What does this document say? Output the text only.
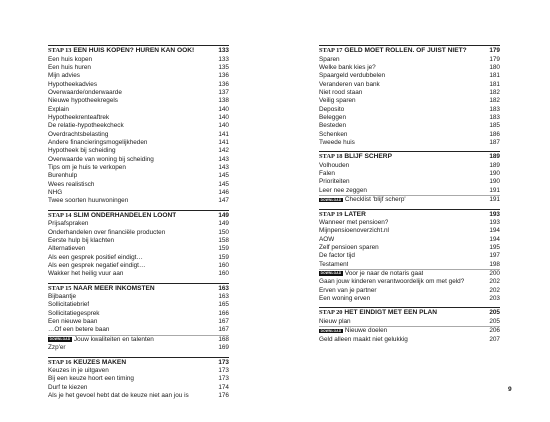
STAP 13 EEN HUIS KOPEN? HUREN KAN OOK!	133
Een huis kopen	133
Een huis huren	135
Mijn advies	136
Hypotheekadvies	136
Overwaarde/onderwaarde	137
Nieuwe hypotheekregels	138
Explain	140
Hypotheekrenteaftrek	140
De relatie-hypotheekcheck	140
Overdrachtsbelasting	141
Andere financieringsmogelijkheden	141
Hypotheek bij scheiding	142
Overwaarde van woning bij scheiding	143
Tips om je huis te verkopen	143
Burenhulp	145
Wees realistisch	145
NHG	146
Twee soorten huurwoningen	147
STAP 14 SLIM ONDERHANDELEN LOONT	149
Prijsafspraken	149
Onderhandelen over financiële producten	150
Eerste hulp bij klachten	158
Alternatieven	159
Als een gesprek positief eindigt…	159
Als een gesprek negatief eindigt…	160
Wakker het heilig vuur aan	160
STAP 15 NAAR MEER INKOMSTEN	163
Bijbaantje	163
Sollicitatiebrief	165
Sollicitatiegesprek	166
Een nieuwe baan	167
…Of een betere baan	167
DOWNLOAD Jouw kwaliteiten en talenten	168
Zzp'er	169
STAP 16 KEUZES MAKEN	173
Keuzes in je uitgaven	173
Bij een keuze hoort een timing	173
Durf te kiezen	174
Als je het gevoel hebt dat de keuze niet aan jou is	176
STAP 17 GELD MOET ROLLEN. OF JUIST NIET?	179
Sparen	179
Welke bank kies je?	180
Spaargeld verdubbelen	181
Veranderen van bank	181
Niet rood staan	182
Veilig sparen	182
Deposito	183
Beleggen	183
Besteden	185
Schenken	186
Tweede huis	187
STAP 18 BLIJF SCHERP	189
Volhouden	189
Falen	190
Prioriteiten	190
Leer nee zeggen	191
DOWNLOAD Checklist 'blijf scherp'	191
STAP 19 LATER	193
Wanneer met pensioen?	193
Mijnpensioenoverzicht.nl	194
AOW	194
Zelf pensioen sparen	195
De factor tijd	197
Testament	198
DOWNLOAD Voor je naar de notaris gaat	200
Gaan jouw kinderen verantwoordelijk om met geld?	202
Erven van je partner	202
Een woning erven	203
STAP 20 HET EINDIGT MET EEN PLAN	205
Nieuw plan	205
DOWNLOAD Nieuwe doelen	206
Geld alleen maakt niet gelukkig	207
9
